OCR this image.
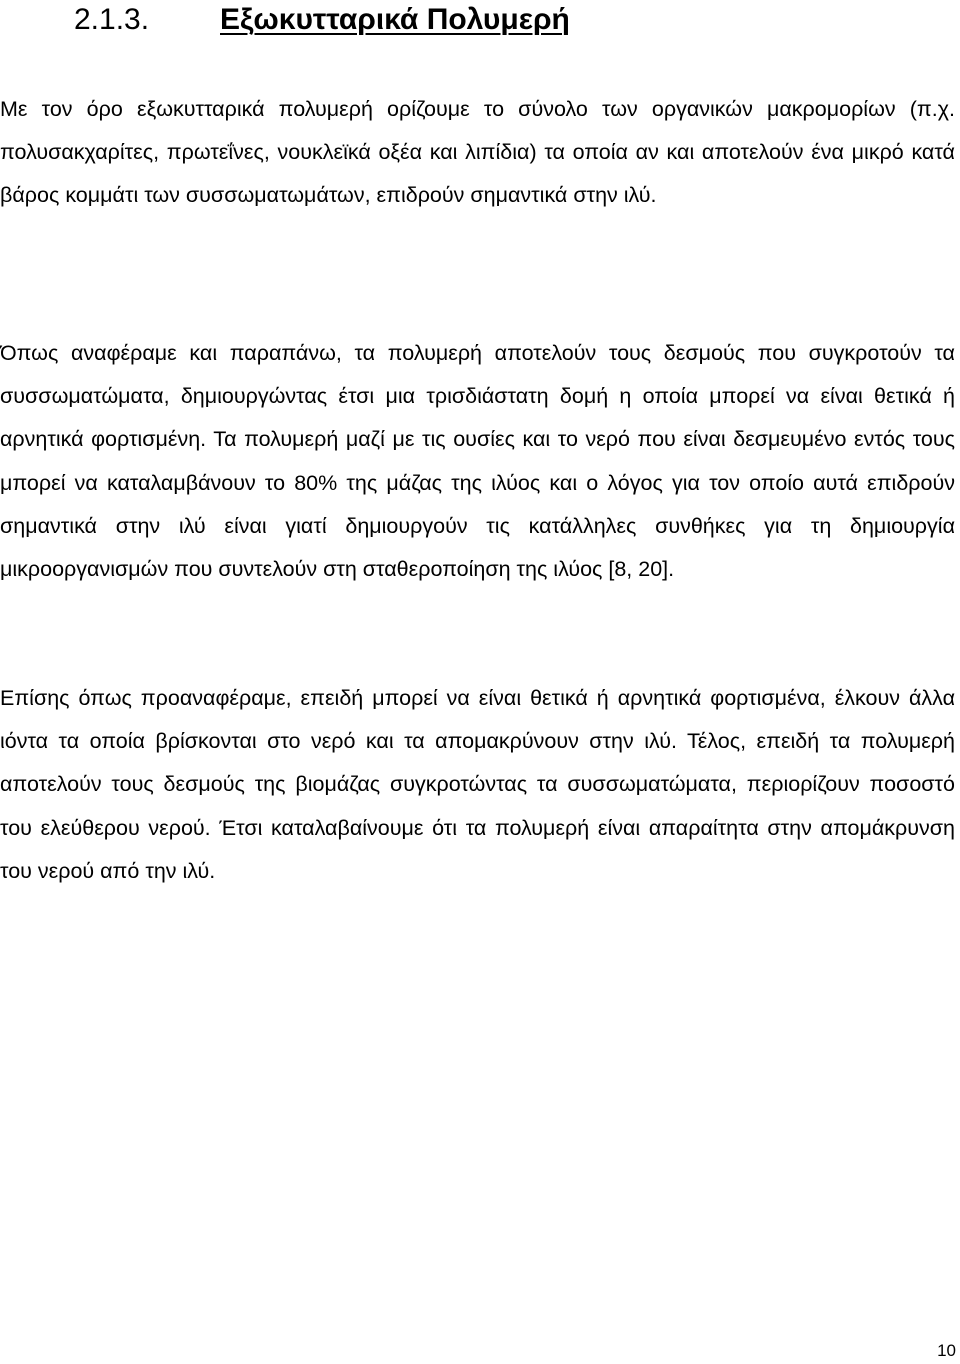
2.1.3. Εξωκυτταρικά Πολυμερή

Με τον όρο εξωκυτταρικά πολυμερή ορίζουμε το σύνολο των οργανικών μακρομορίων (π.χ. πολυσακχαρίτες, πρωτεΐνες, νουκλεϊκά οξέα και λιπίδια) τα οποία αν και αποτελούν ένα μικρό κατά βάρος κομμάτι των συσσωματωμάτων, επιδρούν σημαντικά στην ιλύ.

Όπως αναφέραμε και παραπάνω, τα πολυμερή αποτελούν τους δεσμούς που συγκροτούν τα συσσωματώματα, δημιουργώντας έτσι μια τρισδιάστατη δομή η οποία μπορεί να είναι θετικά ή αρνητικά φορτισμένη. Τα πολυμερή μαζί με τις ουσίες και το νερό που είναι δεσμευμένο εντός τους μπορεί να καταλαμβάνουν το 80% της μάζας της ιλύος και ο λόγος για τον οποίο αυτά επιδρούν σημαντικά στην ιλύ είναι γιατί δημιουργούν τις κατάλληλες συνθήκες για τη δημιουργία μικροοργανισμών που συντελούν στη σταθεροποίηση της ιλύος [8, 20].

Επίσης όπως προαναφέραμε, επειδή μπορεί να είναι θετικά ή αρνητικά φορτισμένα, έλκουν άλλα ιόντα τα οποία βρίσκονται στο νερό και τα απομακρύνουν στην ιλύ. Τέλος, επειδή τα πολυμερή αποτελούν τους δεσμούς της βιομάζας συγκροτώντας τα συσσωματώματα, περιορίζουν ποσοστό του ελεύθερου νερού. Έτσι καταλαβαίνουμε ότι τα πολυμερή είναι απαραίτητα στην απομάκρυνση του νερού από την ιλύ.

10
